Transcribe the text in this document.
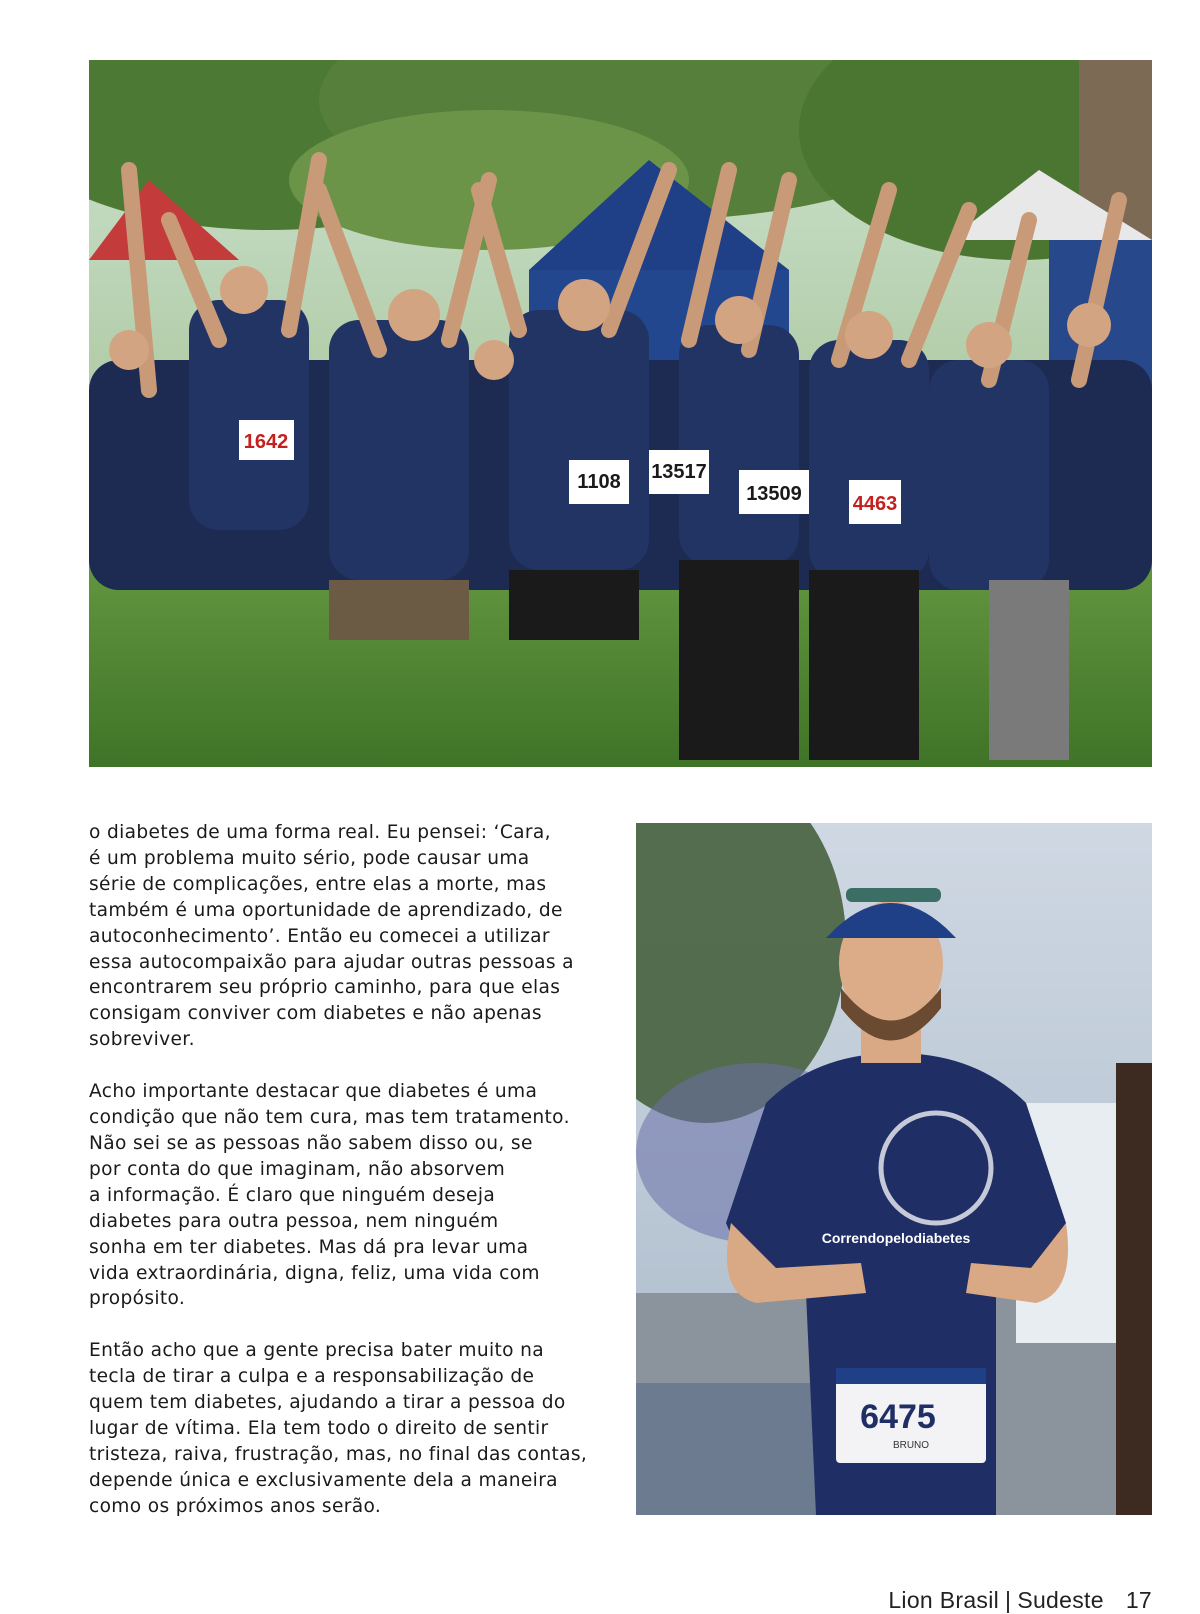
1642
13509	4463
13517
1108

o diabetes de uma forma real. Eu pensei: ‘Cara,
é um problema muito sério, pode causar uma
série de complicações, entre elas a morte, mas
também é uma oportunidade de aprendizado, de
autoconhecimento’. Então eu comecei a utilizar
essa autocompaixão para ajudar outras pessoas a
encontrarem seu próprio caminho, para que elas
consigam conviver com diabetes e não apenas
sobreviver.

Acho importante destacar que diabetes é uma
condição que não tem cura, mas tem tratamento.
Não sei se as pessoas não sabem disso ou, se
por conta do que imaginam, não absorvem
a informação. É claro que ninguém deseja
diabetes para outra pessoa, nem ninguém
sonha em ter diabetes. Mas dá pra levar uma
vida extraordinária, digna, feliz, uma vida com
propósito.

Então acho que a gente precisa bater muito na
tecla de tirar a culpa e a responsabilização de
quem tem diabetes, ajudando a tirar a pessoa do
lugar de vítima. Ela tem todo o direito de sentir
tristeza, raiva, frustração, mas, no final das contas,
depende única e exclusivamente dela a maneira
como os próximos anos serão.

Correndopelodiabetes
6475
BRUNO
Lion Brasil | Sudeste 17
